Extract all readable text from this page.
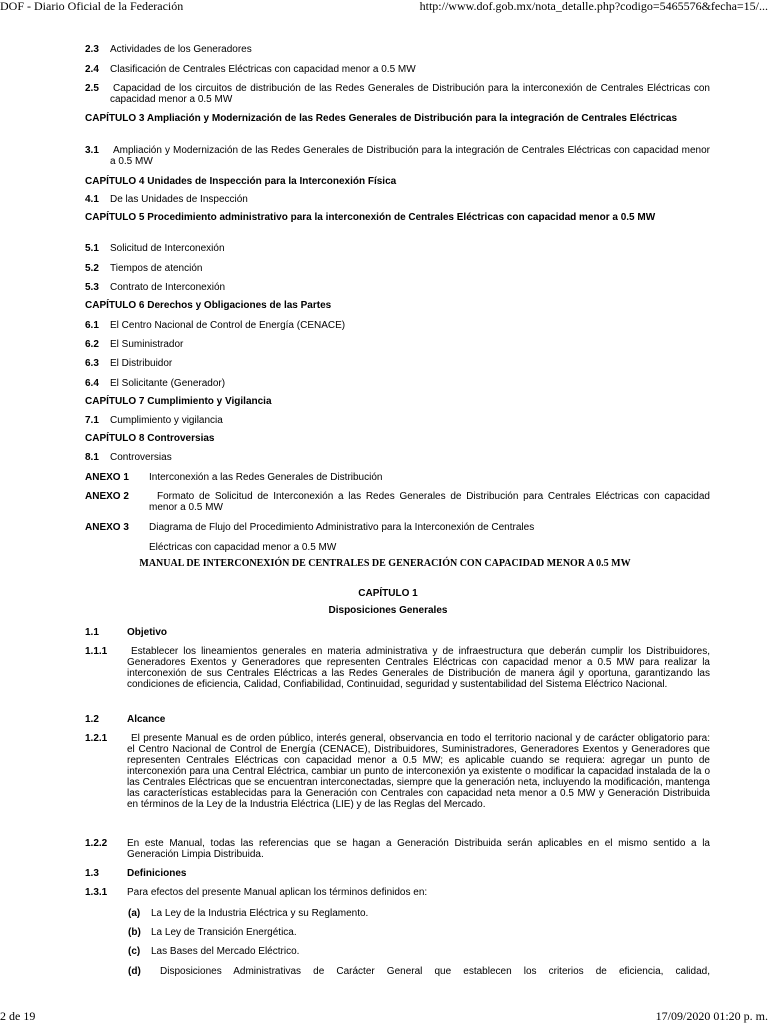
DOF - Diario Oficial de la Federación	http://www.dof.gob.mx/nota_detalle.php?codigo=5465576&fecha=15/...
2.3 Actividades de los Generadores
2.4 Clasificación de Centrales Eléctricas con capacidad menor a 0.5 MW
2.5	Capacidad de los circuitos de distribución de las Redes Generales de Distribución para la interconexión de Centrales Eléctricas con capacidad menor a 0.5 MW
CAPÍTULO 3 Ampliación y Modernización de las Redes Generales de Distribución para la integración de Centrales Eléctricas
3.1	Ampliación y Modernización de las Redes Generales de Distribución para la integración de Centrales Eléctricas con capacidad menor a 0.5 MW
CAPÍTULO 4 Unidades de Inspección para la Interconexión Física
4.1 De las Unidades de Inspección
CAPÍTULO 5 Procedimiento administrativo para la interconexión de Centrales Eléctricas con capacidad menor a 0.5 MW
5.1 Solicitud de Interconexión
5.2 Tiempos de atención
5.3 Contrato de Interconexión
CAPÍTULO 6 Derechos y Obligaciones de las Partes
6.1 El Centro Nacional de Control de Energía (CENACE)
6.2 El Suministrador
6.3 El Distribuidor
6.4 El Solicitante (Generador)
CAPÍTULO 7 Cumplimiento y Vigilancia
7.1 Cumplimiento y vigilancia
CAPÍTULO 8 Controversias
8.1 Controversias
ANEXO 1 Interconexión a las Redes Generales de Distribución
ANEXO 2	Formato de Solicitud de Interconexión a las Redes Generales de Distribución para Centrales Eléctricas con capacidad menor a 0.5 MW
ANEXO 3 Diagrama de Flujo del Procedimiento Administrativo para la Interconexión de Centrales
Eléctricas con capacidad menor a 0.5 MW
MANUAL DE INTERCONEXIÓN DE CENTRALES DE GENERACIÓN CON CAPACIDAD MENOR A 0.5 MW
CAPÍTULO 1
Disposiciones Generales
1.1	Objetivo
1.1.1	Establecer los lineamientos generales en materia administrativa y de infraestructura que deberán cumplir los Distribuidores, Generadores Exentos y Generadores que representen Centrales Eléctricas con capacidad menor a 0.5 MW para realizar la interconexión de sus Centrales Eléctricas a las Redes Generales de Distribución de manera ágil y oportuna, garantizando las condiciones de eficiencia, Calidad, Confiabilidad, Continuidad, seguridad y sustentabilidad del Sistema Eléctrico Nacional.
1.2	Alcance
1.2.1	El presente Manual es de orden público, interés general, observancia en todo el territorio nacional y de carácter obligatorio para: el Centro Nacional de Control de Energía (CENACE), Distribuidores, Suministradores, Generadores Exentos y Generadores que representen Centrales Eléctricas con capacidad menor a 0.5 MW; es aplicable cuando se requiera: agregar un punto de interconexión para una Central Eléctrica, cambiar un punto de interconexión ya existente o modificar la capacidad instalada de la o las Centrales Eléctricas que se encuentran interconectadas, siempre que la generación neta, incluyendo la modificación, mantenga las características establecidas para la Generación con Centrales con capacidad neta menor a 0.5 MW y Generación Distribuida en términos de la Ley de la Industria Eléctrica (LIE) y de las Reglas del Mercado.
1.2.2 En este Manual, todas las referencias que se hagan a Generación Distribuida serán aplicables en el mismo sentido a la Generación Limpia Distribuida.
1.3	Definiciones
1.3.1 Para efectos del presente Manual aplican los términos definidos en:
(a) La Ley de la Industria Eléctrica y su Reglamento.
(b) La Ley de Transición Energética.
(c) Las Bases del Mercado Eléctrico.
(d)	Disposiciones Administrativas de Carácter General que establecen los criterios de eficiencia, calidad,
2 de 19	17/09/2020 01:20 p. m.
